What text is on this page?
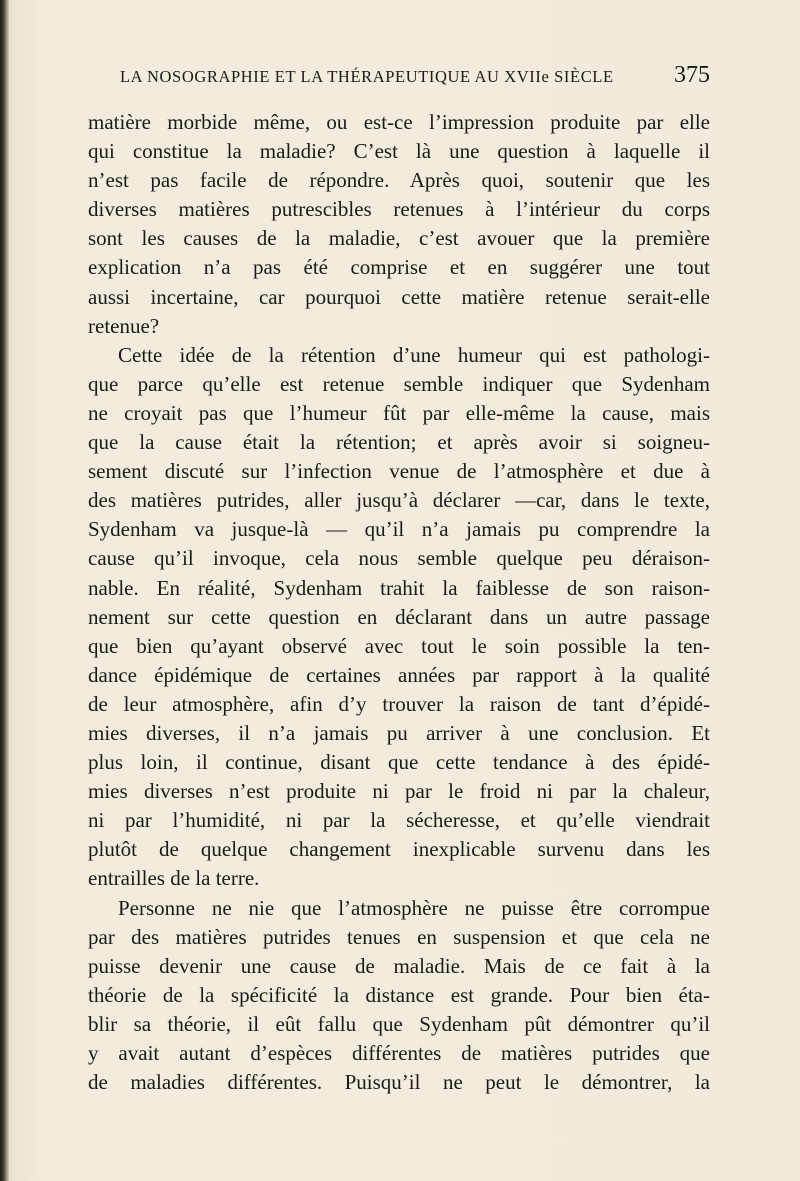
LA NOSOGRAPHIE ET LA THÉRAPEUTIQUE AU XVIIe SIÈCLE	375
matière morbide même, ou est-ce l’impression produite par elle
qui constitue la maladie? C’est là une question à laquelle il
n’est pas facile de répondre. Après quoi, soutenir que les
diverses matières putrescibles retenues à l’intérieur du corps
sont les causes de la maladie, c’est avouer que la première
explication n’a pas été comprise et en suggérer une tout
aussi incertaine, car pourquoi cette matière retenue serait-elle
retenue?
Cette idée de la rétention d’une humeur qui est pathologi-
que parce qu’elle est retenue semble indiquer que Sydenham
ne croyait pas que l’humeur fût par elle-même la cause, mais
que la cause était la rétention; et après avoir si soigneu-
sement discuté sur l’infection venue de l’atmosphère et due à
des matières putrides, aller jusqu’à déclarer —car, dans le texte,
Sydenham va jusque-là — qu’il n’a jamais pu comprendre la
cause qu’il invoque, cela nous semble quelque peu déraison-
nable. En réalité, Sydenham trahit la faiblesse de son raison-
nement sur cette question en déclarant dans un autre passage
que bien qu’ayant observé avec tout le soin possible la ten-
dance épidémique de certaines années par rapport à la qualité
de leur atmosphère, afin d’y trouver la raison de tant d’épidé-
mies diverses, il n’a jamais pu arriver à une conclusion. Et
plus loin, il continue, disant que cette tendance à des épidé-
mies diverses n’est produite ni par le froid ni par la chaleur,
ni par l’humidité, ni par la sécheresse, et qu’elle viendrait
plutôt de quelque changement inexplicable survenu dans les
entrailles de la terre.
Personne ne nie que l’atmosphère ne puisse être corrompue
par des matières putrides tenues en suspension et que cela ne
puisse devenir une cause de maladie. Mais de ce fait à la
théorie de la spécificité la distance est grande. Pour bien éta-
blir sa théorie, il eût fallu que Sydenham pût démontrer qu’il
y avait autant d’espèces différentes de matières putrides que
de maladies différentes. Puisqu’il ne peut le démontrer, la
